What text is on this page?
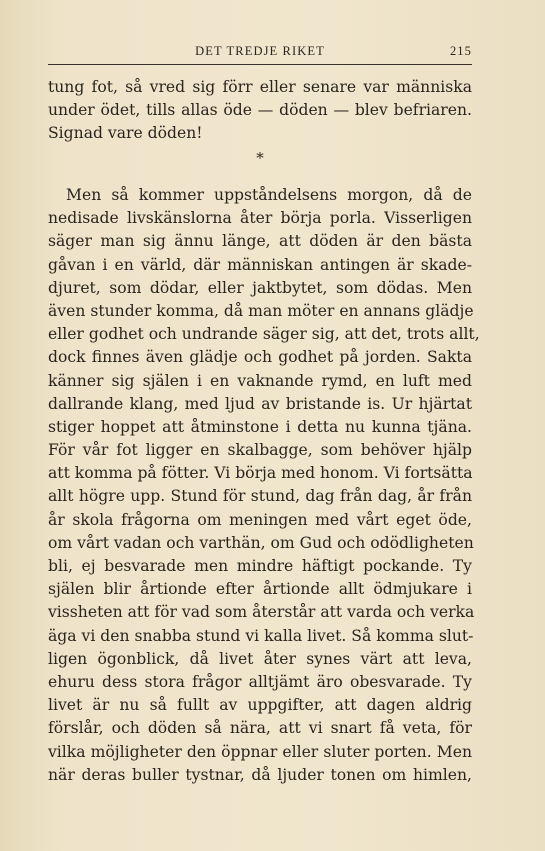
DET TREDJE RIKET	215
tung fot, så vred sig förr eller senare var människa
under ödet, tills allas öde — döden — blev befriaren.
Signad vare döden!
*
Men så kommer uppståndelsens morgon, då de
nedisade livskänslorna åter börja porla. Visserligen
säger man sig ännu länge, att döden är den bästa
gåvan i en värld, där människan antingen är skade-
djuret, som dödar, eller jaktbytet, som dödas. Men
även stunder komma, då man möter en annans glädje
eller godhet och undrande säger sig, att det, trots allt,
dock finnes även glädje och godhet på jorden. Sakta
känner sig själen i en vaknande rymd, en luft med
dallrande klang, med ljud av bristande is. Ur hjärtat
stiger hoppet att åtminstone i detta nu kunna tjäna.
För vår fot ligger en skalbagge, som behöver hjälp
att komma på fötter. Vi börja med honom. Vi fortsätta
allt högre upp. Stund för stund, dag från dag, år från
år skola frågorna om meningen med vårt eget öde,
om vårt vadan och varthän, om Gud och odödligheten
bli, ej besvarade men mindre häftigt pockande. Ty
själen blir årtionde efter årtionde allt ödmjukare i
vissheten att för vad som återstår att varda och verka
äga vi den snabba stund vi kalla livet. Så komma slut-
ligen ögonblick, då livet åter synes värt att leva,
ehuru dess stora frågor alltjämt äro obesvarade. Ty
livet är nu så fullt av uppgifter, att dagen aldrig
förslår, och döden så nära, att vi snart få veta, för
vilka möjligheter den öppnar eller sluter porten. Men
när deras buller tystnar, då ljuder tonen om himlen,
